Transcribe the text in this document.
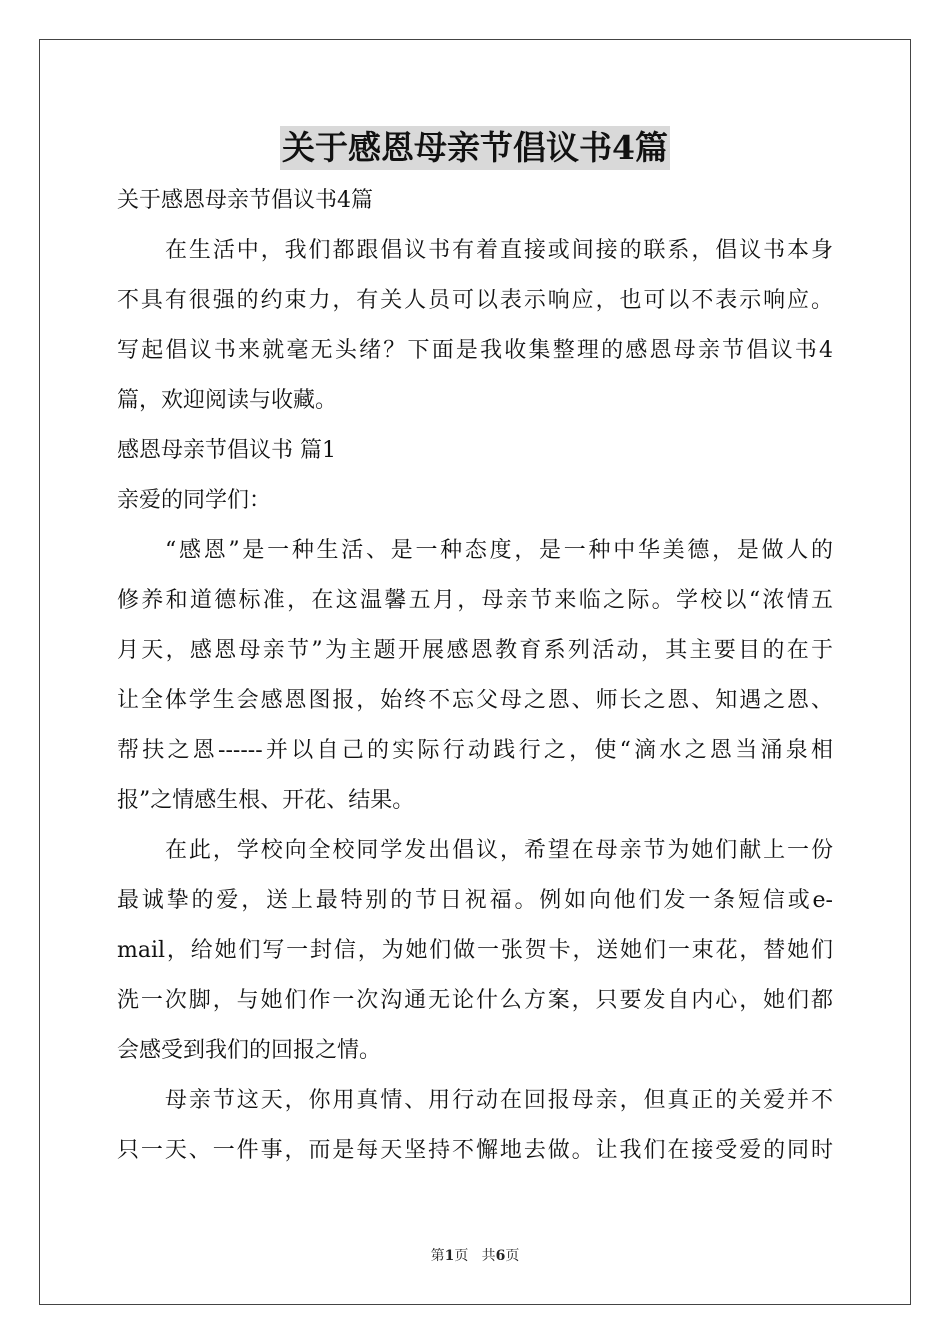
关于感恩母亲节倡议书4篇
关于感恩母亲节倡议书4篇
在生活中，我们都跟倡议书有着直接或间接的联系，倡议书本身
不具有很强的约束力，有关人员可以表示响应，也可以不表示响应。
写起倡议书来就毫无头绪？下面是我收集整理的感恩母亲节倡议书4
篇，欢迎阅读与收藏。
感恩母亲节倡议书 篇1
亲爱的同学们：
“感恩”是一种生活、是一种态度，是一种中华美德，是做人的
修养和道德标准，在这温馨五月，母亲节来临之际。学校以“浓情五
月天，感恩母亲节”为主题开展感恩教育系列活动，其主要目的在于
让全体学生会感恩图报，始终不忘父母之恩、师长之恩、知遇之恩、
帮扶之恩------并以自己的实际行动践行之，使“滴水之恩当涌泉相
报”之情感生根、开花、结果。
在此，学校向全校同学发出倡议，希望在母亲节为她们献上一份
最诚挚的爱，送上最特别的节日祝福。例如向他们发一条短信或e-
mail，给她们写一封信，为她们做一张贺卡，送她们一束花，替她们
洗一次脚，与她们作一次沟通无论什么方案，只要发自内心，她们都
会感受到我们的回报之情。
母亲节这天，你用真情、用行动在回报母亲，但真正的关爱并不
只一天、一件事，而是每天坚持不懈地去做。让我们在接受爱的同时
第1页 共6页
